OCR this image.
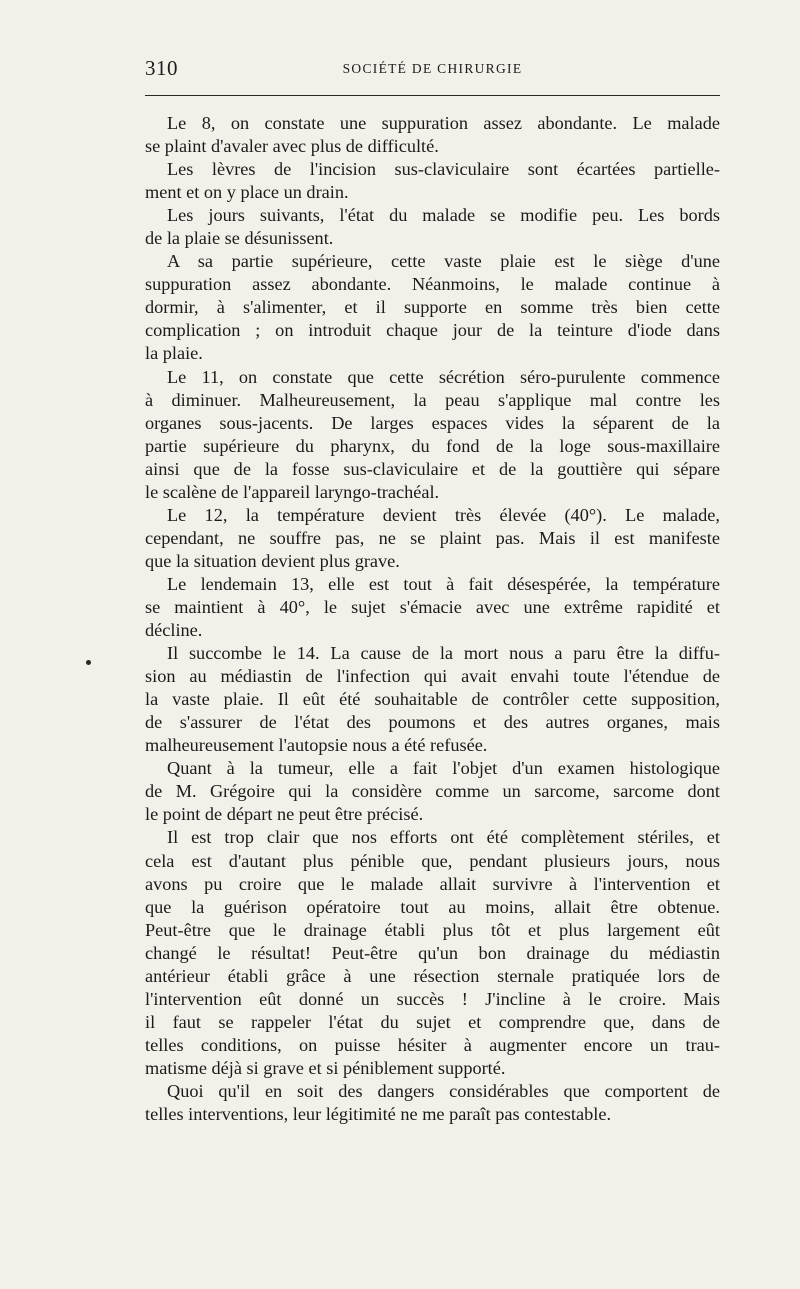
310	SOCIÉTÉ DE CHIRURGIE
Le 8, on constate une suppuration assez abondante. Le malade
se plaint d'avaler avec plus de difficulté.
Les lèvres de l'incision sus-claviculaire sont écartées partielle-
ment et on y place un drain.
Les jours suivants, l'état du malade se modifie peu. Les bords
de la plaie se désunissent.
A sa partie supérieure, cette vaste plaie est le siège d'une
suppuration assez abondante. Néanmoins, le malade continue à
dormir, à s'alimenter, et il supporte en somme très bien cette
complication ; on introduit chaque jour de la teinture d'iode dans
la plaie.
Le 11, on constate que cette sécrétion séro-purulente commence
à diminuer. Malheureusement, la peau s'applique mal contre les
organes sous-jacents. De larges espaces vides la séparent de la
partie supérieure du pharynx, du fond de la loge sous-maxillaire
ainsi que de la fosse sus-claviculaire et de la gouttière qui sépare
le scalène de l'appareil laryngo-trachéal.
Le 12, la température devient très élevée (40°). Le malade,
cependant, ne souffre pas, ne se plaint pas. Mais il est manifeste
que la situation devient plus grave.
Le lendemain 13, elle est tout à fait désespérée, la température
se maintient à 40°, le sujet s'émacie avec une extrême rapidité et
décline.
Il succombe le 14. La cause de la mort nous a paru être la diffu-
sion au médiastin de l'infection qui avait envahi toute l'étendue de
la vaste plaie. Il eût été souhaitable de contrôler cette supposition,
de s'assurer de l'état des poumons et des autres organes, mais
malheureusement l'autopsie nous a été refusée.
Quant à la tumeur, elle a fait l'objet d'un examen histologique
de M. Grégoire qui la considère comme un sarcome, sarcome dont
le point de départ ne peut être précisé.
Il est trop clair que nos efforts ont été complètement stériles, et
cela est d'autant plus pénible que, pendant plusieurs jours, nous
avons pu croire que le malade allait survivre à l'intervention et
que la guérison opératoire tout au moins, allait être obtenue.
Peut-être que le drainage établi plus tôt et plus largement eût
changé le résultat! Peut-être qu'un bon drainage du médiastin
antérieur établi grâce à une résection sternale pratiquée lors de
l'intervention eût donné un succès ! J'incline à le croire. Mais
il faut se rappeler l'état du sujet et comprendre que, dans de
telles conditions, on puisse hésiter à augmenter encore un trau-
matisme déjà si grave et si péniblement supporté.
Quoi qu'il en soit des dangers considérables que comportent de
telles interventions, leur légitimité ne me paraît pas contestable.
